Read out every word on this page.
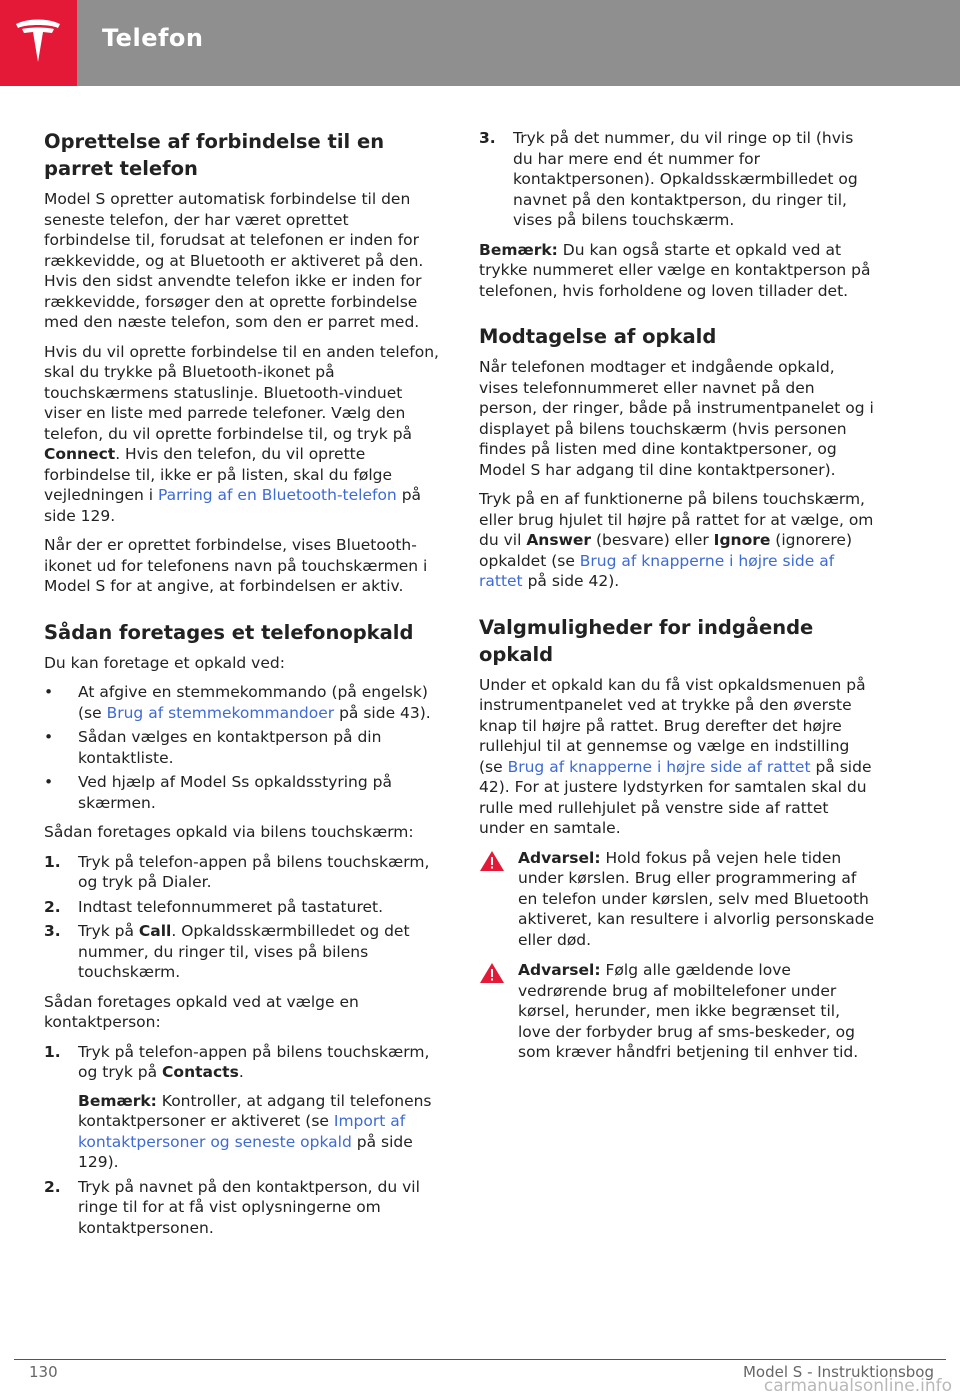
Telefon
Oprettelse af forbindelse til en parret telefon

Model S opretter automatisk forbindelse til den seneste telefon, der har været oprettet forbindelse til, forudsat at telefonen er inden for rækkevidde, og at Bluetooth er aktiveret på den. Hvis den sidst anvendte telefon ikke er inden for rækkevidde, forsøger den at oprette forbindelse med den næste telefon, som den er parret med.

Hvis du vil oprette forbindelse til en anden telefon, skal du trykke på Bluetooth-ikonet på touchskærmens statuslinje. Bluetooth-vinduet viser en liste med parrede telefoner. Vælg den telefon, du vil oprette forbindelse til, og tryk på Connect. Hvis den telefon, du vil oprette forbindelse til, ikke er på listen, skal du følge vejledningen i Parring af en Bluetooth-telefon på side 129.

Når der er oprettet forbindelse, vises Bluetooth-ikonet ud for telefonens navn på touchskærmen i Model S for at angive, at forbindelsen er aktiv.

Sådan foretages et telefonopkald

Du kan foretage et opkald ved:

• At afgive en stemmekommando (på engelsk) (se Brug af stemmekommandoer på side 43).
• Sådan vælges en kontaktperson på din kontaktliste.
• Ved hjælp af Model Ss opkaldsstyring på skærmen.

Sådan foretages opkald via bilens touchskærm:

1. Tryk på telefon-appen på bilens touchskærm, og tryk på Dialer.
2. Indtast telefonnummeret på tastaturet.
3. Tryk på Call. Opkaldsskærmbilledet og det nummer, du ringer til, vises på bilens touchskærm.

Sådan foretages opkald ved at vælge en kontaktperson:

1. Tryk på telefon-appen på bilens touchskærm, og tryk på Contacts.

Bemærk: Kontroller, at adgang til telefonens kontaktpersoner er aktiveret (se Import af kontaktpersoner og seneste opkald på side 129).

2. Tryk på navnet på den kontaktperson, du vil ringe til for at få vist oplysningerne om kontaktpersonen.
3. Tryk på det nummer, du vil ringe op til (hvis du har mere end ét nummer for kontaktpersonen). Opkaldsskærmbilledet og navnet på den kontaktperson, du ringer til, vises på bilens touchskærm.

Bemærk: Du kan også starte et opkald ved at trykke nummeret eller vælge en kontaktperson på telefonen, hvis forholdene og loven tillader det.

Modtagelse af opkald

Når telefonen modtager et indgående opkald, vises telefonnummeret eller navnet på den person, der ringer, både på instrumentpanelet og i displayet på bilens touchskærm (hvis personen findes på listen med dine kontaktpersoner, og Model S har adgang til dine kontaktpersoner).

Tryk på en af funktionerne på bilens touchskærm, eller brug hjulet til højre på rattet for at vælge, om du vil Answer (besvare) eller Ignore (ignorere) opkaldet (se Brug af knapperne i højre side af rattet på side 42).

Valgmuligheder for indgående opkald

Under et opkald kan du få vist opkaldsmenuen på instrumentpanelet ved at trykke på den øverste knap til højre på rattet. Brug derefter det højre rullehjul til at gennemse og vælge en indstilling (se Brug af knapperne i højre side af rattet på side 42). For at justere lydstyrken for samtalen skal du rulle med rullehjulet på venstre side af rattet under en samtale.

Advarsel: Hold fokus på vejen hele tiden under kørslen. Brug eller programmering af en telefon under kørslen, selv med Bluetooth aktiveret, kan resultere i alvorlig personskade eller død.

Advarsel: Følg alle gældende love vedrørende brug af mobiltelefoner under kørsel, herunder, men ikke begrænset til, love der forbyder brug af sms-beskeder, og som kræver håndfri betjening til enhver tid.

130	Model S - Instruktionsbog
carmanualsonline.info
